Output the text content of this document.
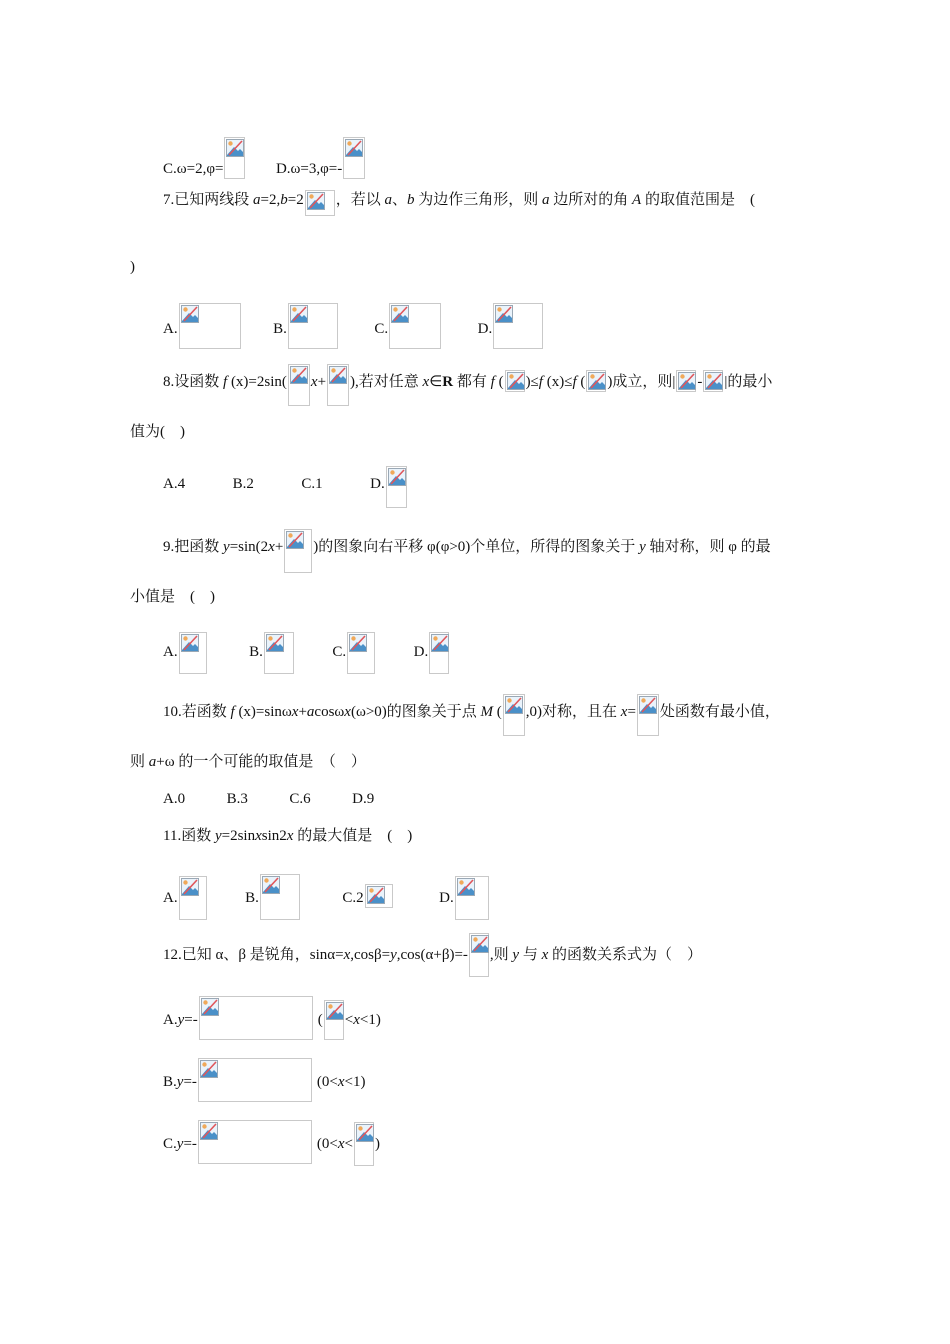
C.ω=2,φ=	D.ω=3,φ=-
7.已知两线段 a=2,b=2 ，若以 a、b 为边作三角形，则 a 边所对的角 A 的取值范围是　(
)
A.	B.	C.	D.
8.设函数 f (x)=2sin( x+ ),若对任意 x∈R 都有 f ( )≤f (x)≤f ( )成立，则| - |的最小
值为(　)
A.4	B.2	C.1	D.
9.把函数 y=sin(2x+ )的图象向右平移 φ(φ>0)个单位，所得的图象关于 y 轴对称，则 φ 的最
小值是　(　)
A.	B.	C.	D.
10.若函数 f (x)=sinωx+acosωx(ω>0)的图象关于点 M ( ,0)对称，且在 x= 处函数有最小值，
则 a+ω 的一个可能的取值是　（　）
A.0	B.3	C.6	D.9
11.函数 y=2sinxsin2x 的最大值是　(　)
A.	B.	C.2	D.
12.已知 α、β 是锐角，sinα=x,cosβ=y,cos(α+β)=- ,则 y 与 x 的函数关系式为（　）
A.y=-	( <x<1)
B.y=-	(0<x<1)
C.y=-	(0<x< )
